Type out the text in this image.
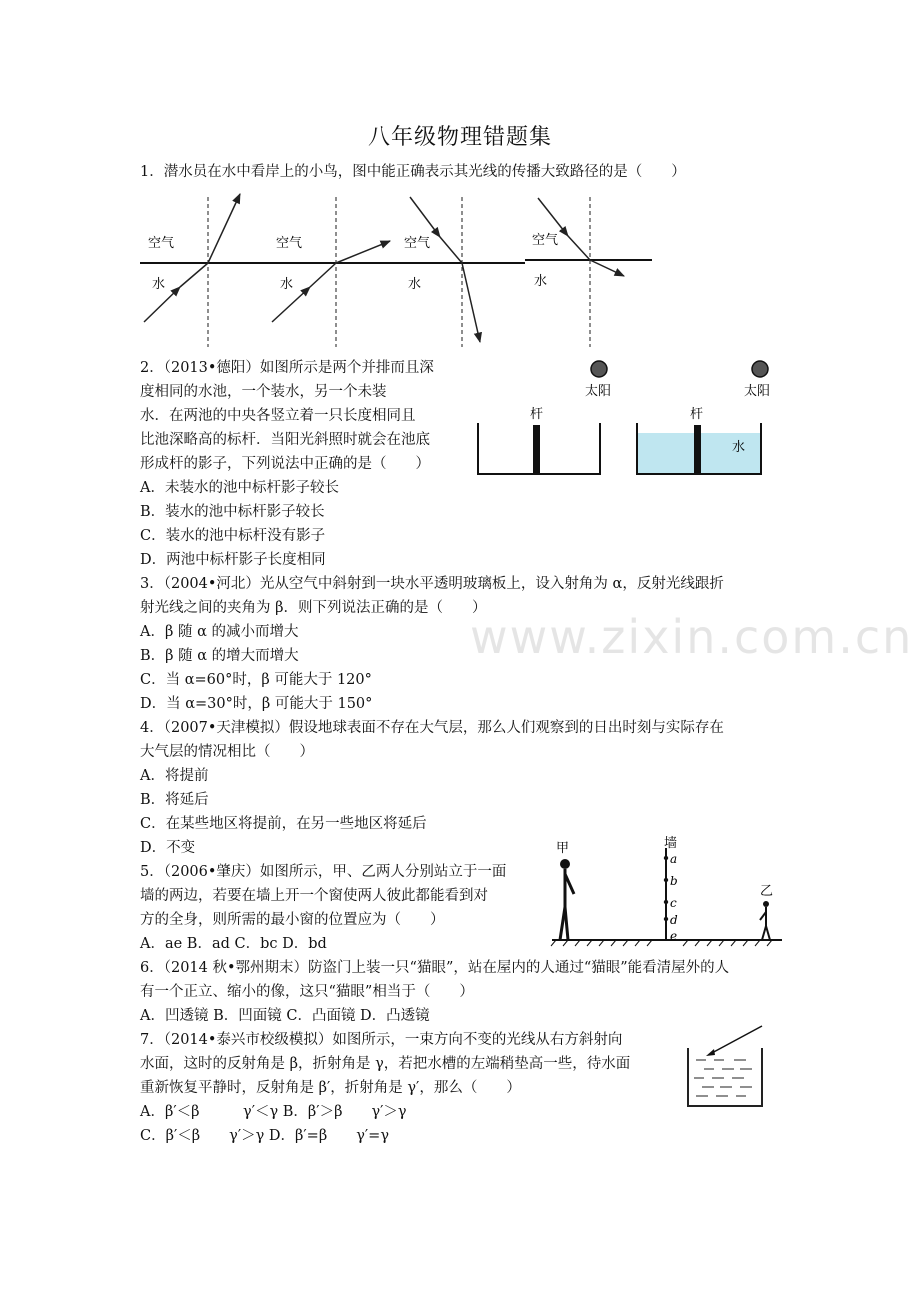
八年级物理错题集
1．潜水员在水中看岸上的小鸟，图中能正确表示其光线的传播大致路径的是（　　）
空气
水
空气
水
空气
水
空气
水
2．（2013•德阳）如图所示是两个并排而且深
度相同的水池，一个装水，另一个未装
水．在两池的中央各竖立着一只长度相同且
比池深略高的标杆．当阳光斜照时就会在池底
形成杆的影子，下列说法中正确的是（　　）
A．未装水的池中标杆影子较长
B．装水的池中标杆影子较长
C．装水的池中标杆没有影子
D．两池中标杆影子长度相同
太阳	太阳
杆	杆
水
3．（2004•河北）光从空气中斜射到一块水平透明玻璃板上，设入射角为 α，反射光线跟折
射光线之间的夹角为 β．则下列说法正确的是（　　）
A．β 随 α 的减小而增大
B．β 随 α 的增大而增大
C．当 α=60°时，β 可能大于 120°
D．当 α=30°时，β 可能大于 150°
www.zixin.com.cn
4．（2007•天津模拟）假设地球表面不存在大气层，那么人们观察到的日出时刻与实际存在
大气层的情况相比（　　）
A．将提前
B．将延后
C．在某些地区将提前，在另一些地区将延后
D．不变
5．（2006•肇庆）如图所示，甲、乙两人分别站立于一面
墙的两边，若要在墙上开一个窗使两人彼此都能看到对
方的全身，则所需的最小窗的位置应为（　　）
A．ae B．ad C．bc D．bd
墙
a
b
c
d
e
甲
乙
6．（2014 秋•鄂州期末）防盗门上装一只“猫眼”，站在屋内的人通过“猫眼”能看清屋外的人
有一个正立、缩小的像，这只“猫眼”相当于（　　）
A．凹透镜 B．凹面镜 C．凸面镜 D．凸透镜
7．（2014•泰兴市校级模拟）如图所示，一束方向不变的光线从右方斜射向
水面，这时的反射角是 β，折射角是 γ，若把水槽的左端稍垫高一些，待水面
重新恢复平静时，反射角是 β′，折射角是 γ′，那么（　　）
A．β′＜β　　　γ′＜γ B．β′＞β　　γ′＞γ
C．β′＜β　　γ′＞γ D．β′=β　　γ′=γ
